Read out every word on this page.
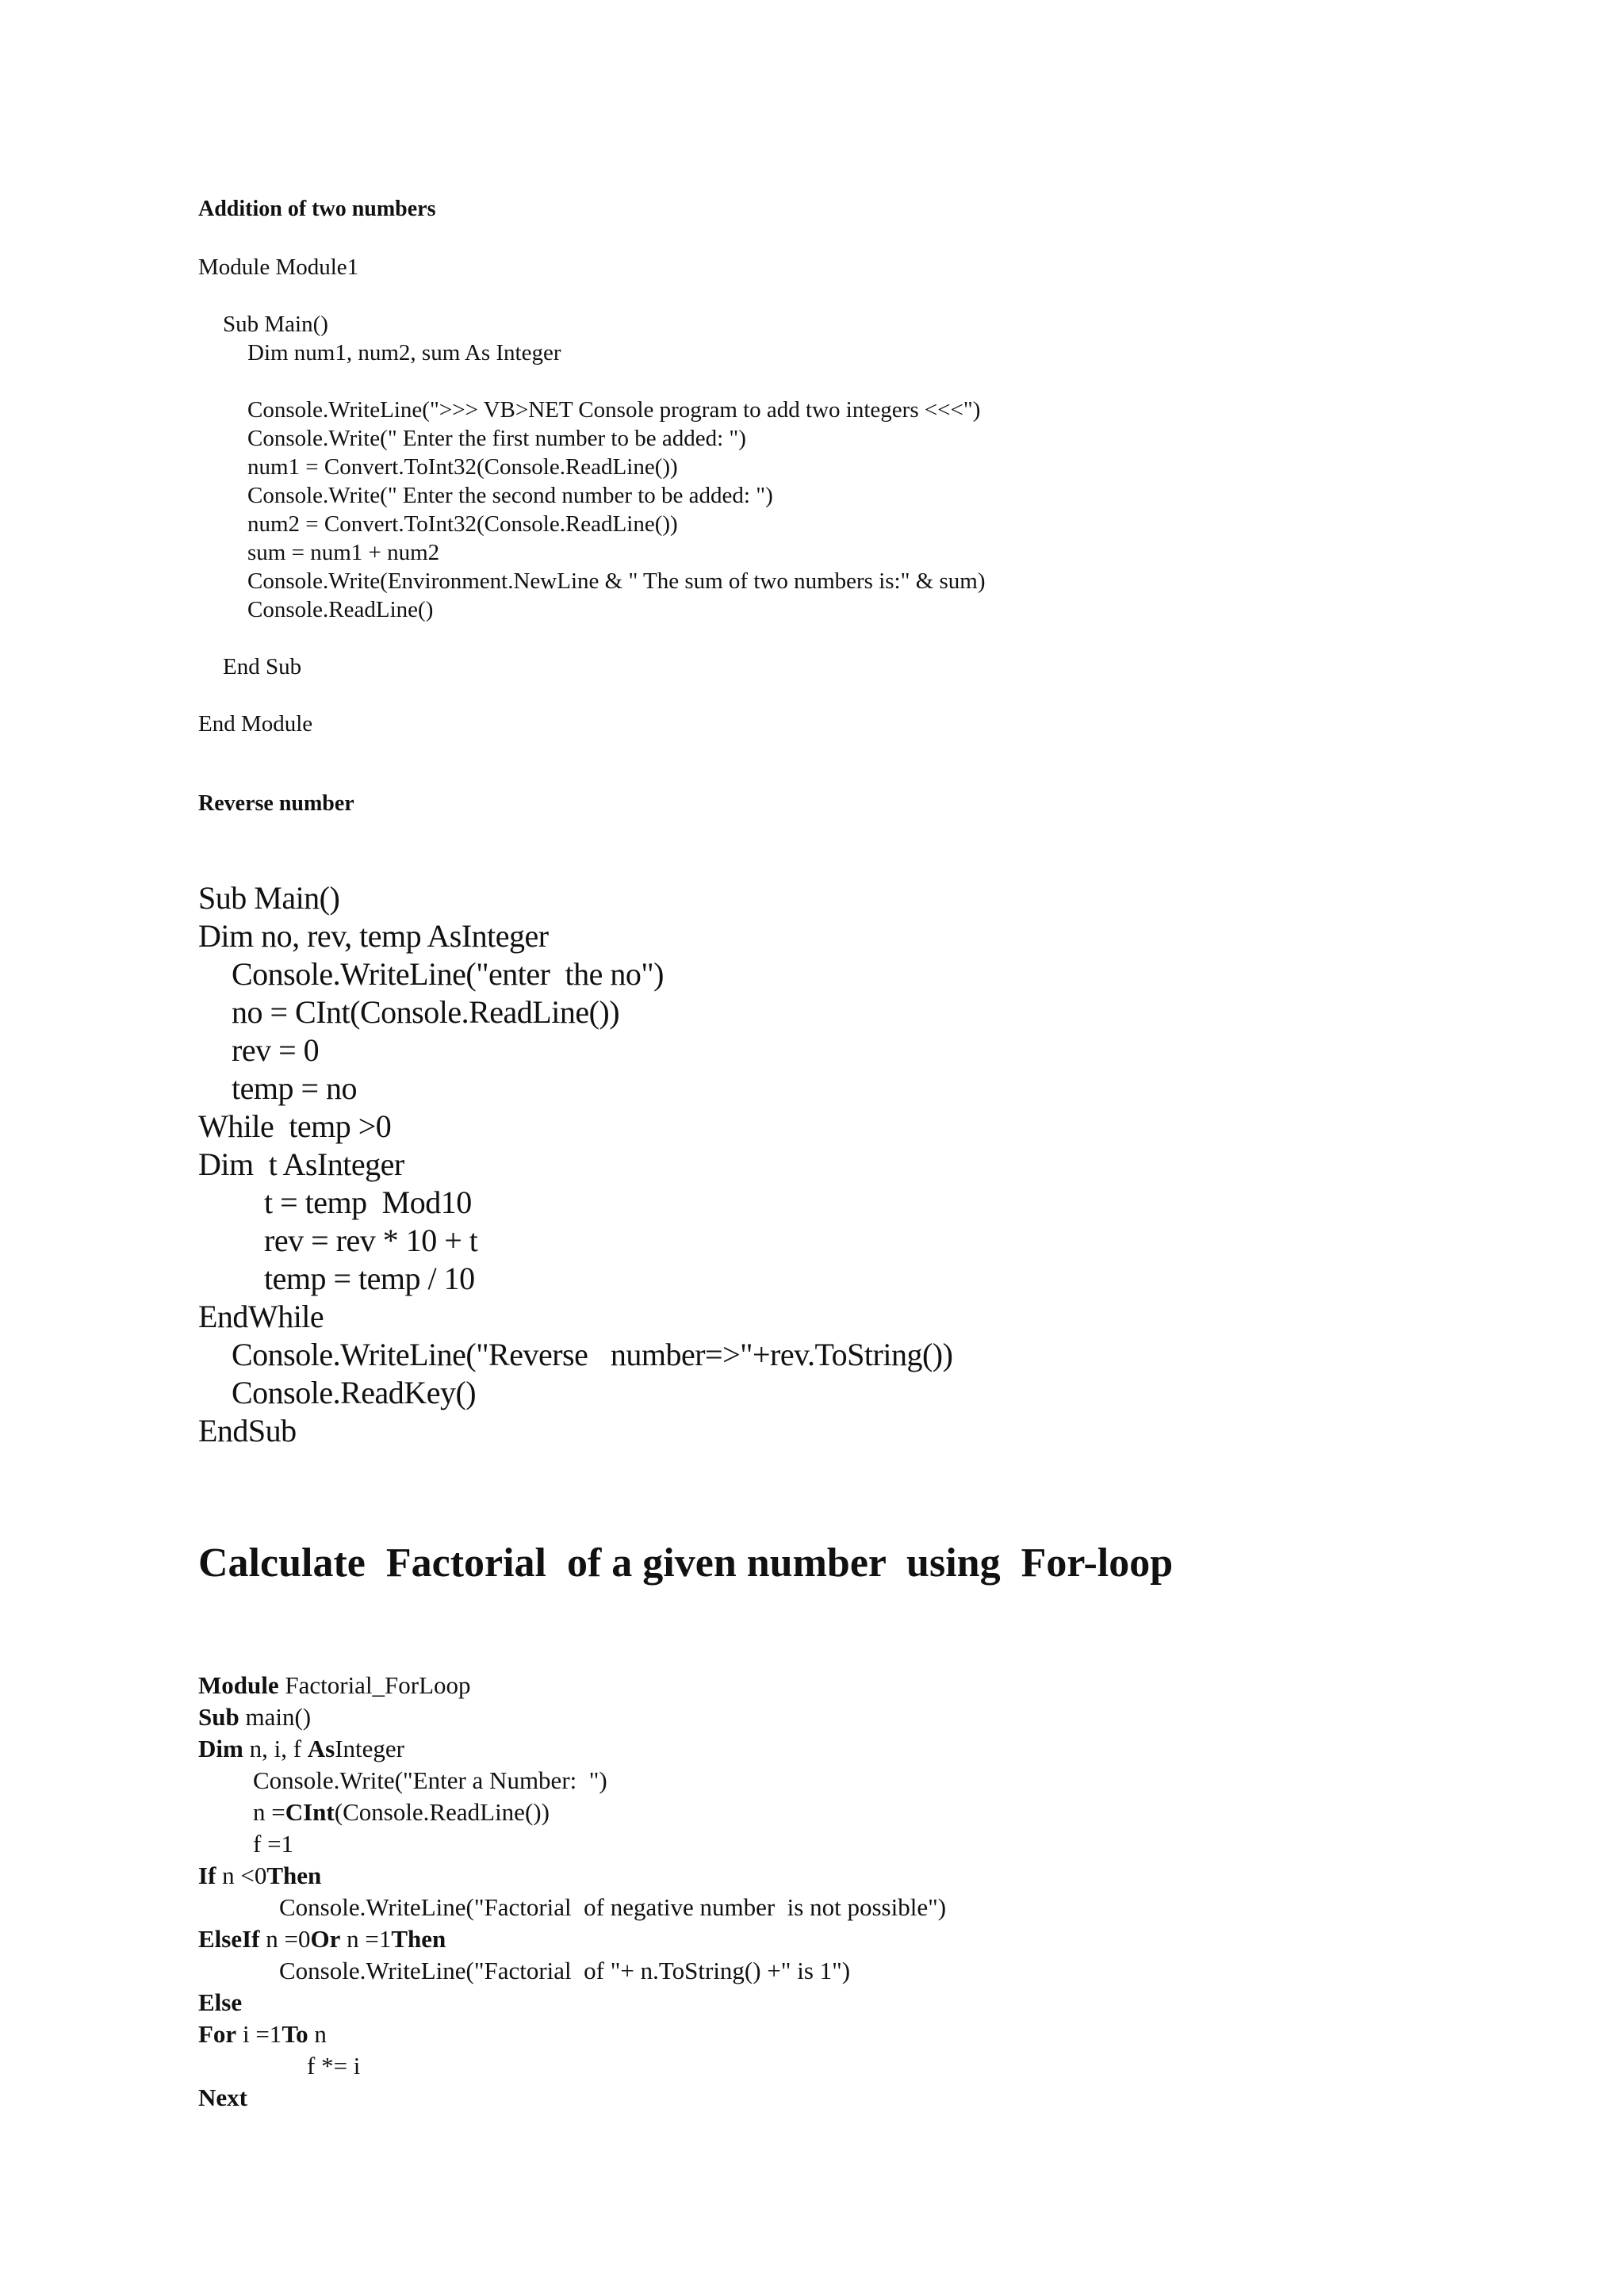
Addition of two numbers
Module Module1
Sub Main()
Dim num1, num2, sum As Integer
Console.WriteLine(">>> VB>NET Console program to add two integers <<<")
Console.Write(" Enter the first number to be added: ")
num1 = Convert.ToInt32(Console.ReadLine())
Console.Write(" Enter the second number to be added: ")
num2 = Convert.ToInt32(Console.ReadLine())
sum = num1 + num2
Console.Write(Environment.NewLine & " The sum of two numbers is:" & sum)
Console.ReadLine()
End Sub
End Module
Reverse number
Sub Main()
Dim no, rev, temp AsInteger
Console.WriteLine("enter  the no")
no = CInt(Console.ReadLine())
rev = 0
temp = no
While  temp >0
Dim  t AsInteger
t = temp  Mod10
rev = rev * 10 + t
temp = temp / 10
EndWhile
Console.WriteLine("Reverse   number=>"+rev.ToString())
Console.ReadKey()
EndSub
Calculate  Factorial  of a given number  using  For-loop
Module Factorial_ForLoop
Sub main()
Dim n, i, f AsInteger
Console.Write("Enter a Number:  ")
n =CInt(Console.ReadLine())
f =1
If n <0Then
Console.WriteLine("Factorial  of negative number  is not possible")
ElseIf n =0Or n =1Then
Console.WriteLine("Factorial  of "+ n.ToString() +" is 1")
Else
For i =1To n
f *= i
Next
